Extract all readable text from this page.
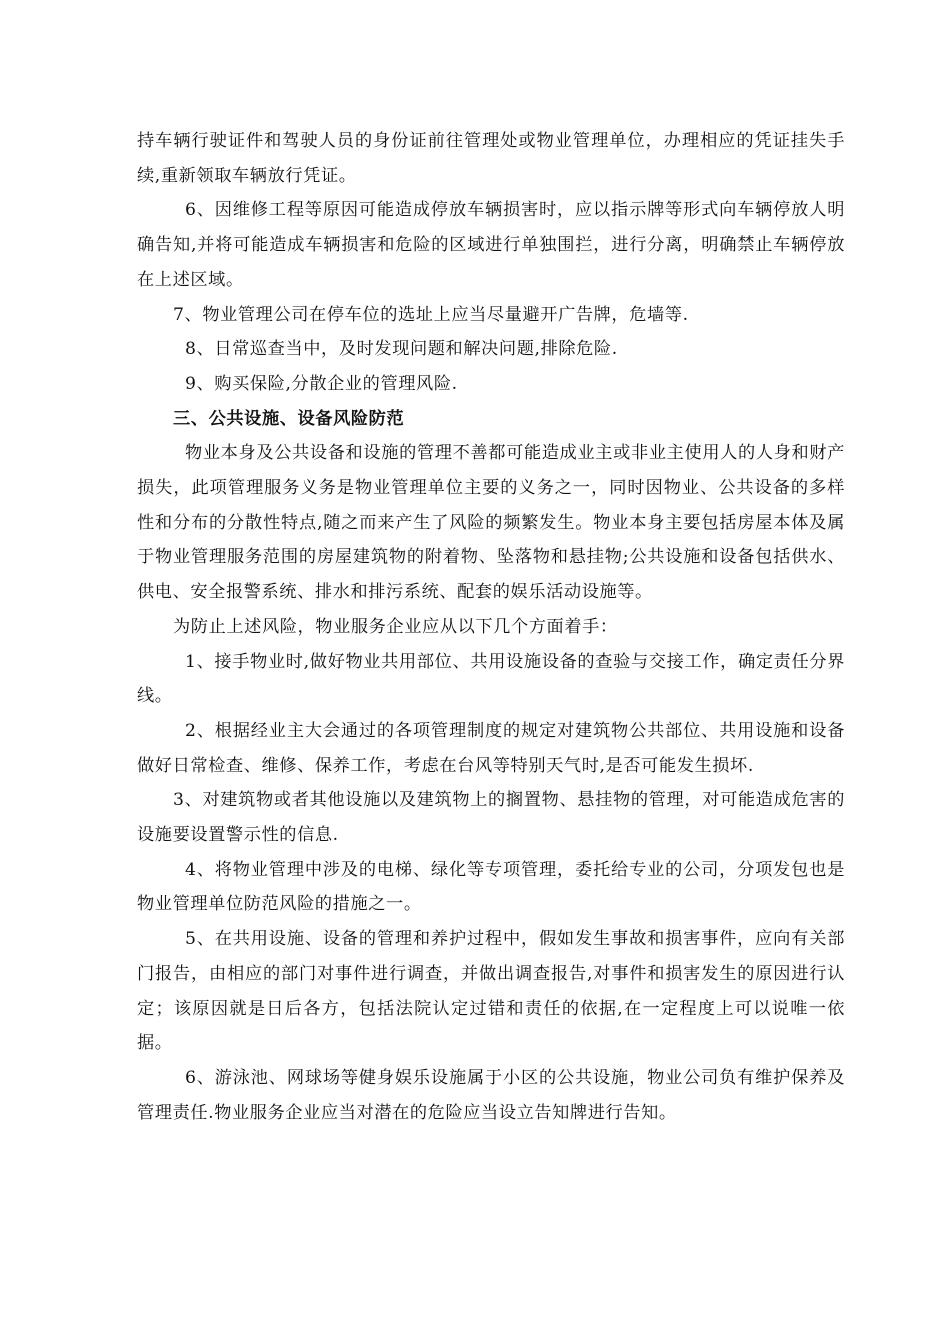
持车辆行驶证件和驾驶人员的身份证前往管理处或物业管理单位，办理相应的凭证挂失手续,重新领取车辆放行凭证。

6、因维修工程等原因可能造成停放车辆损害时，应以指示牌等形式向车辆停放人明确告知,并将可能造成车辆损害和危险的区域进行单独围拦，进行分离，明确禁止车辆停放在上述区域。

7、物业管理公司在停车位的选址上应当尽量避开广告牌，危墙等.

8、日常巡查当中，及时发现问题和解决问题,排除危险.

9、购买保险,分散企业的管理风险.

三、公共设施、设备风险防范

物业本身及公共设备和设施的管理不善都可能造成业主或非业主使用人的人身和财产损失，此项管理服务义务是物业管理单位主要的义务之一，同时因物业、公共设备的多样性和分布的分散性特点,随之而来产生了风险的频繁发生。物业本身主要包括房屋本体及属于物业管理服务范围的房屋建筑物的附着物、坠落物和悬挂物;公共设施和设备包括供水、供电、安全报警系统、排水和排污系统、配套的娱乐活动设施等。

为防止上述风险，物业服务企业应从以下几个方面着手：

1、接手物业时,做好物业共用部位、共用设施设备的查验与交接工作，确定责任分界线。

2、根据经业主大会通过的各项管理制度的规定对建筑物公共部位、共用设施和设备做好日常检查、维修、保养工作，考虑在台风等特别天气时,是否可能发生损坏.

3、对建筑物或者其他设施以及建筑物上的搁置物、悬挂物的管理，对可能造成危害的设施要设置警示性的信息.

4、将物业管理中涉及的电梯、绿化等专项管理，委托给专业的公司，分项发包也是物业管理单位防范风险的措施之一。

5、在共用设施、设备的管理和养护过程中，假如发生事故和损害事件，应向有关部门报告，由相应的部门对事件进行调查，并做出调查报告,对事件和损害发生的原因进行认定；该原因就是日后各方，包括法院认定过错和责任的依据,在一定程度上可以说唯一依据。

6、游泳池、网球场等健身娱乐设施属于小区的公共设施，物业公司负有维护保养及管理责任.物业服务企业应当对潜在的危险应当设立告知牌进行告知。
